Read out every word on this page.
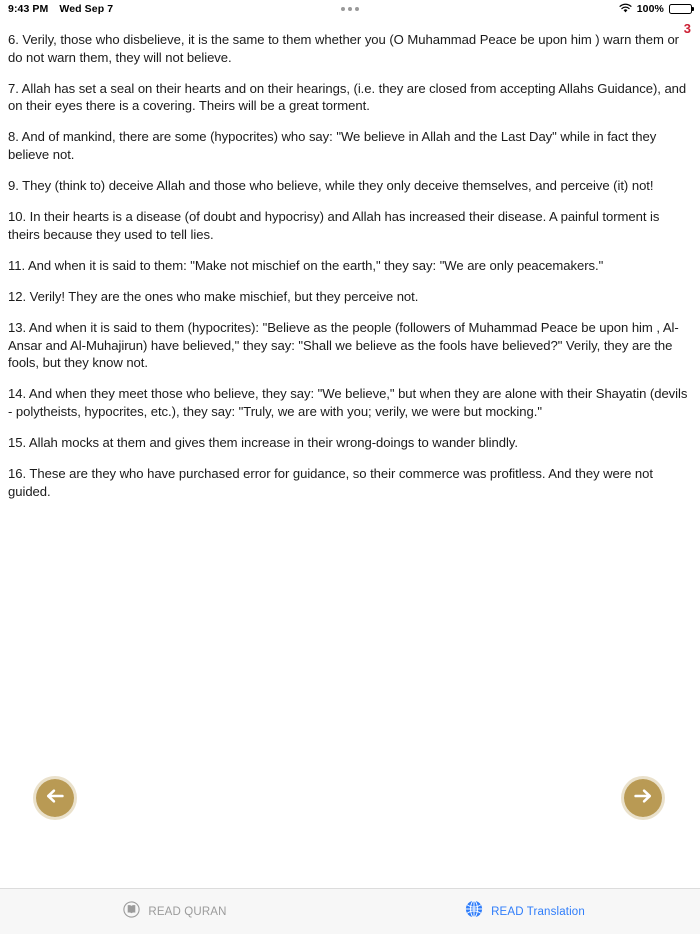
9:43 PM Wed Sep 7	100%
3

6. Verily, those who disbelieve, it is the same to them whether you (O Muhammad Peace be upon him ) warn them or do not warn them, they will not believe.

7. Allah has set a seal on their hearts and on their hearings, (i.e. they are closed from accepting Allahs Guidance), and on their eyes there is a covering. Theirs will be a great torment.

8. And of mankind, there are some (hypocrites) who say: "We believe in Allah and the Last Day" while in fact they believe not.

9. They (think to) deceive Allah and those who believe, while they only deceive themselves, and perceive (it) not!

10. In their hearts is a disease (of doubt and hypocrisy) and Allah has increased their disease. A painful torment is theirs because they used to tell lies.

11. And when it is said to them: "Make not mischief on the earth," they say: "We are only peacemakers."

12. Verily! They are the ones who make mischief, but they perceive not.

13. And when it is said to them (hypocrites): "Believe as the people (followers of Muhammad Peace be upon him , Al-Ansar and Al-Muhajirun) have believed," they say: "Shall we believe as the fools have believed?" Verily, they are the fools, but they know not.

14. And when they meet those who believe, they say: "We believe," but when they are alone with their Shayatin (devils - polytheists, hypocrites, etc.), they say: "Truly, we are with you; verily, we were but mocking."

15. Allah mocks at them and gives them increase in their wrong-doings to wander blindly.

16. These are they who have purchased error for guidance, so their commerce was profitless. And they were not guided.

READ QURAN	READ Translation
